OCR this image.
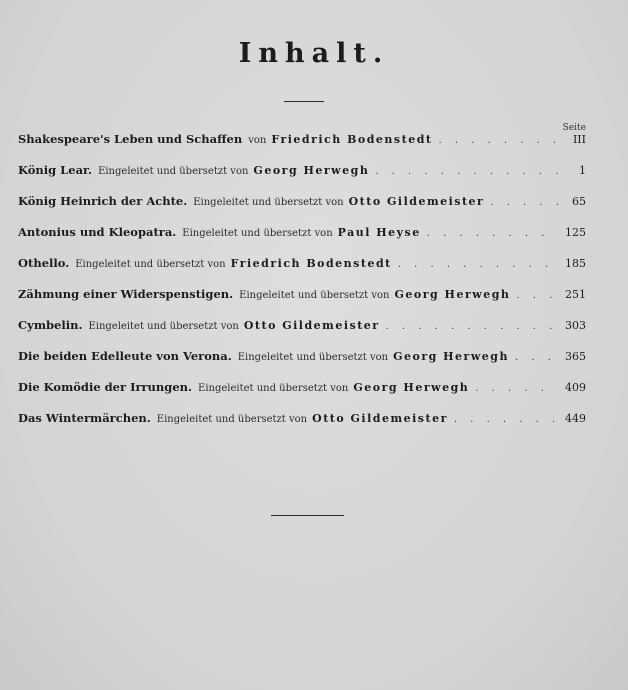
Inhalt.
Seite
Shakespeare's Leben und Schaffen von Friedrich Bodenstedt . . .	III
König Lear. Eingeleitet und übersetzt von Georg Herwegh . . .	1
König Heinrich der Achte. Eingeleitet und übersetzt von Otto Gildemeister . . .	65
Antonius und Kleopatra. Eingeleitet und übersetzt von Paul Heyse . . .	125
Othello. Eingeleitet und übersetzt von Friedrich Bodenstedt . . .	185
Zähmung einer Widerspenstigen. Eingeleitet und übersetzt von Georg Herwegh . . .	251
Cymbelin. Eingeleitet und übersetzt von Otto Gildemeister . . .	303
Die beiden Edelleute von Verona. Eingeleitet und übersetzt von Georg Herwegh . . .	365
Die Komödie der Irrungen. Eingeleitet und übersetzt von Georg Herwegh . . .	409
Das Wintermärchen. Eingeleitet und übersetzt von Otto Gildemeister . . .	449
